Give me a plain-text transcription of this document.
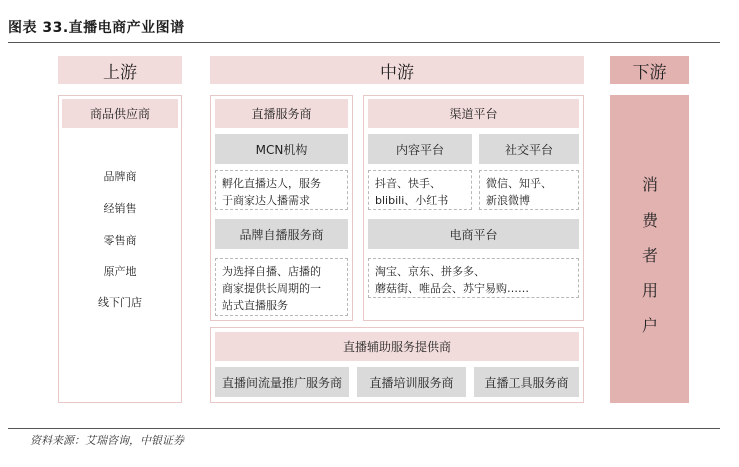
图表 33.直播电商产业图谱
上游	中游	下游
商品供应商
品牌商
经销售
零售商
原产地
线下门店
直播服务商
MCN机构
孵化直播达人，服务
于商家达人播需求
品牌自播服务商
为选择自播、店播的
商家提供长周期的一
站式直播服务
渠道平台
内容平台	社交平台
抖音、快手、
blibili、小红书
微信、知乎、
新浪微博
电商平台
淘宝、京东、拼多多、
蘑菇街、唯品会、苏宁易购……
直播辅助服务提供商
直播间流量推广服务商	直播培训服务商	直播工具服务商
消
费
者
用
户
资料来源：艾瑞咨询，中银证券
